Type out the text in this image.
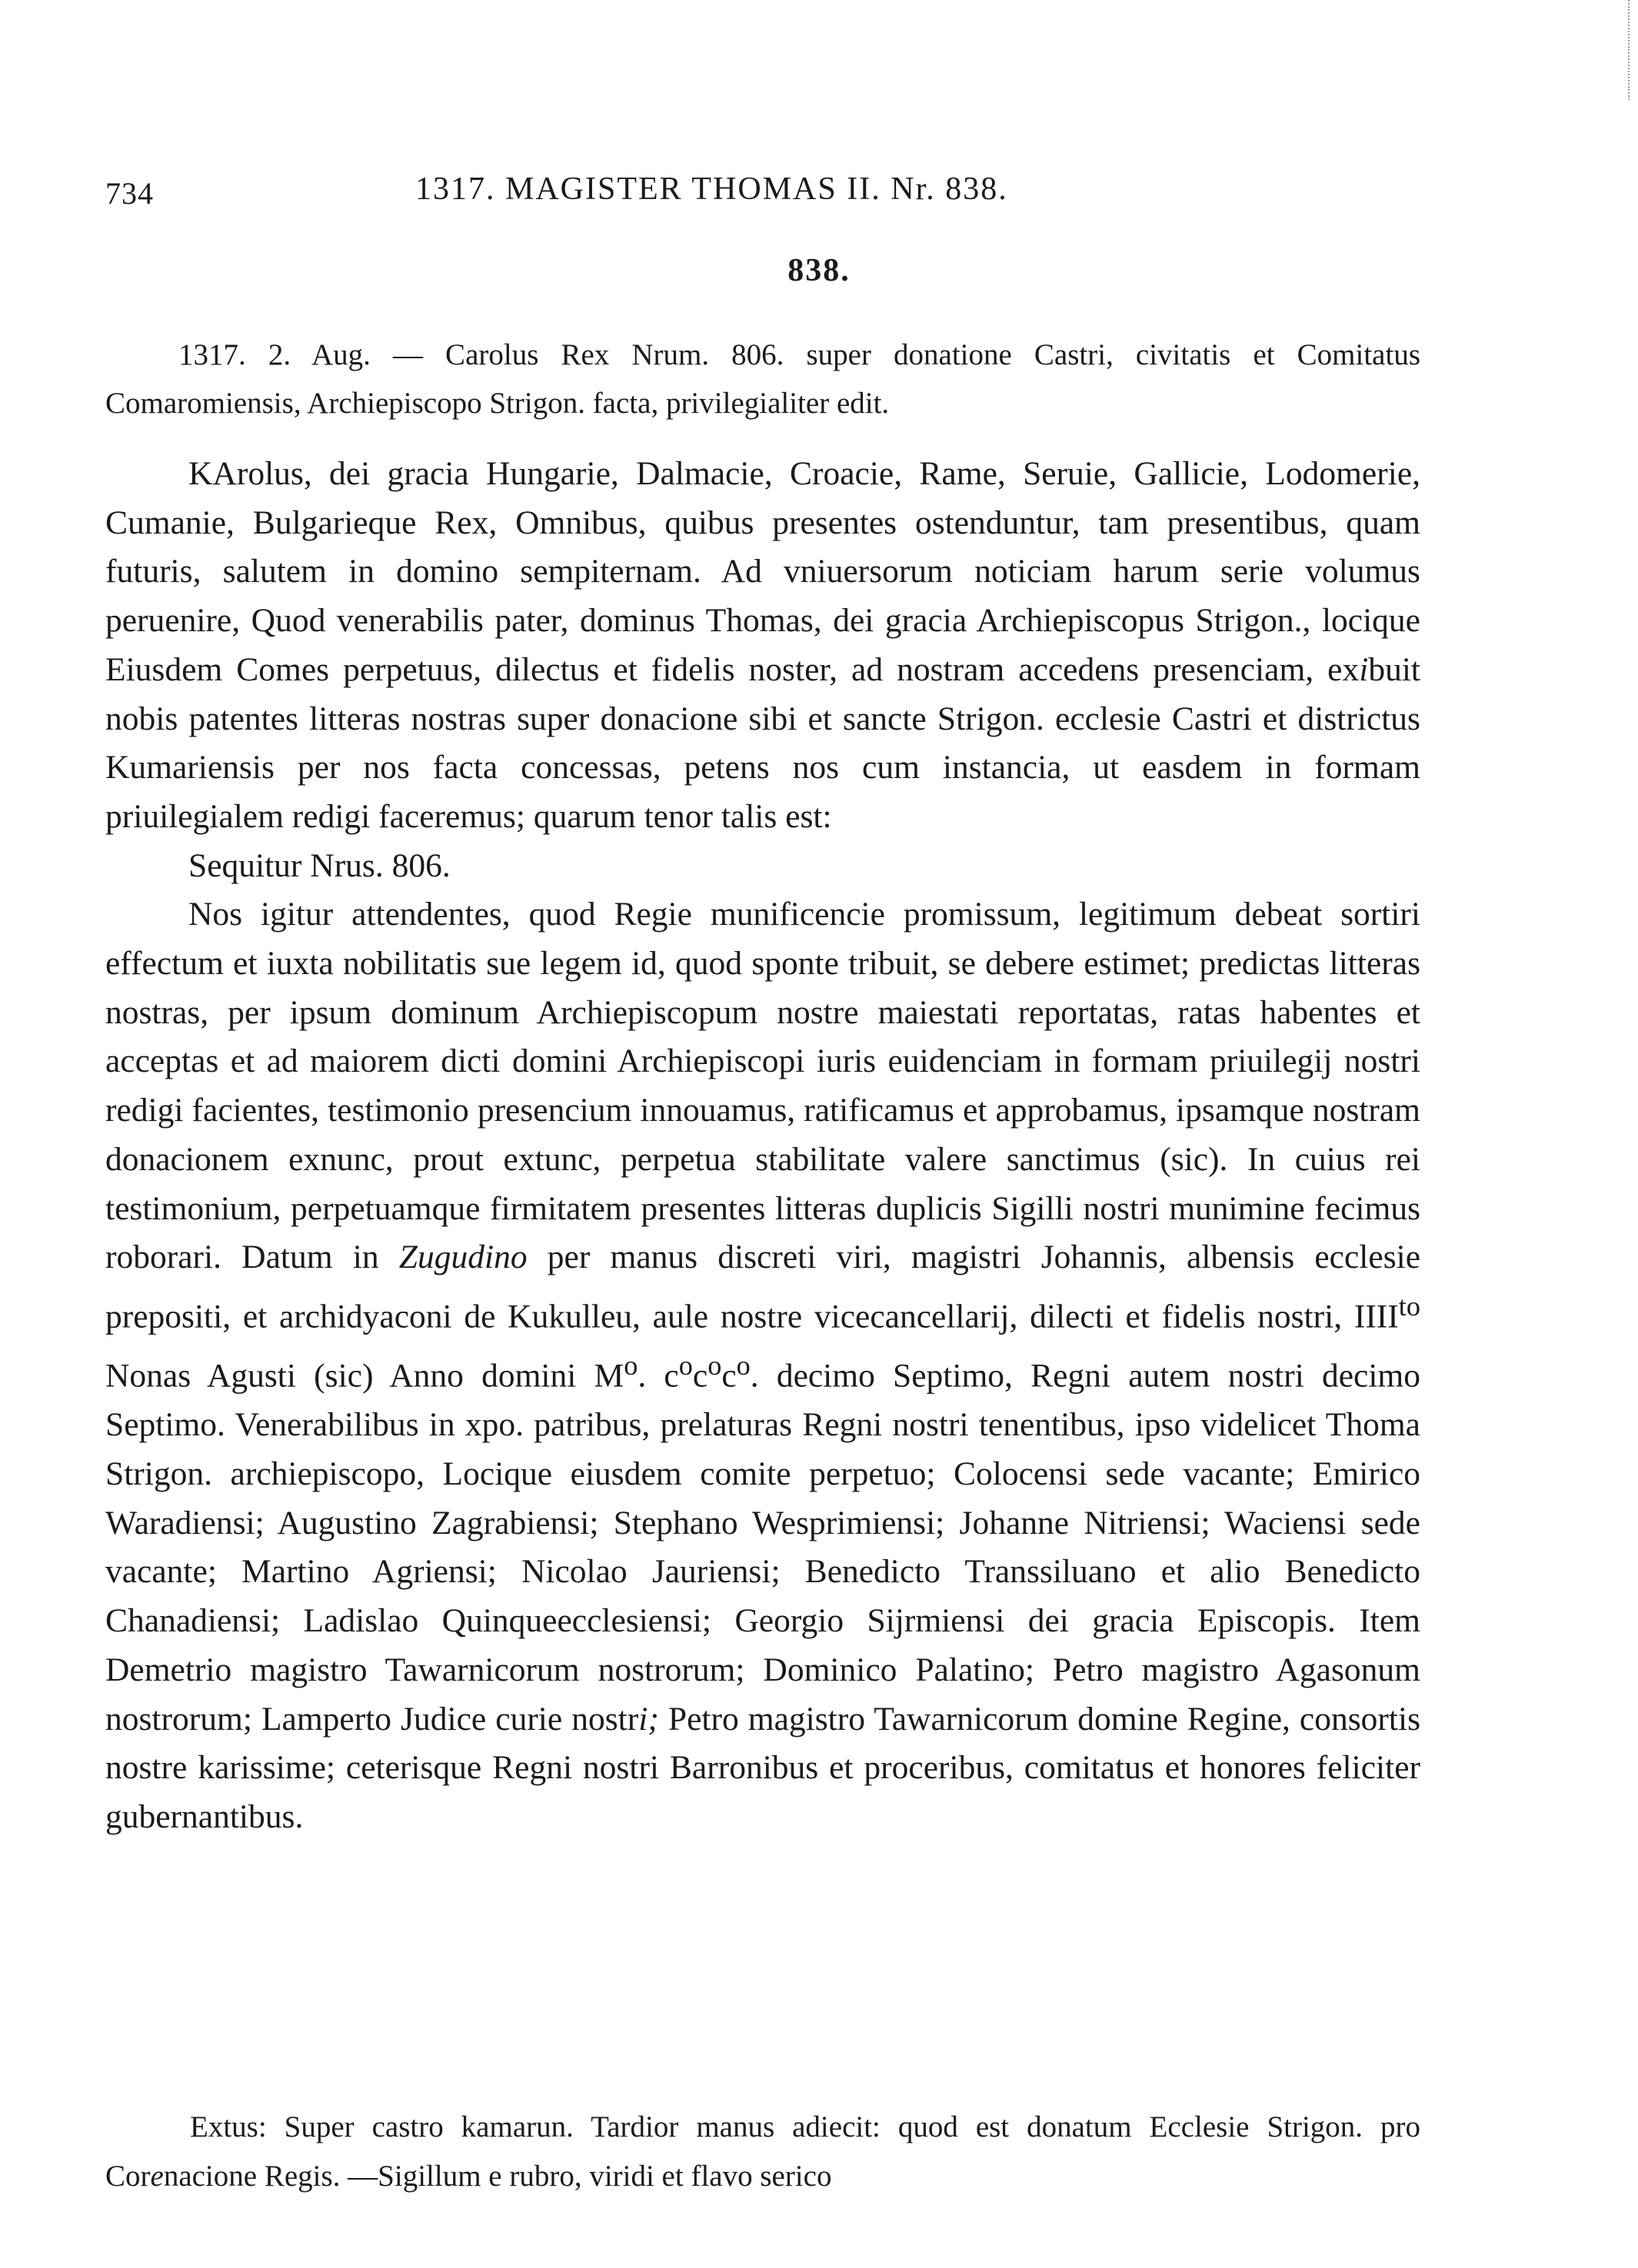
734	1317. MAGISTER THOMAS II. Nr. 838.
838.
1317. 2. Aug. — Carolus Rex Nrum. 806. super donatione Castri, civitatis et Comitatus Comaromiensis, Archiepiscopo Strigon. facta, privilegialiter edit.

KArolus, dei gracia Hungarie, Dalmacie, Croacie, Rame, Seruie, Gallicie, Lodomerie, Cumanie, Bulgarieque Rex, Omnibus, quibus presentes ostenduntur, tam presentibus, quam futuris, salutem in domino sempiternam. Ad vniuersorum noticiam harum serie volumus peruenire, Quod venerabilis pater, dominus Thomas, dei gracia Archiepiscopus Strigon., locique Eiusdem Comes perpetuus, dilectus et fidelis noster, ad nostram accedens presenciam, exibuit nobis patentes litteras nostras super donacione sibi et sancte Strigon. ecclesie Castri et districtus Kumariensis per nos facta concessas, petens nos cum instancia, ut easdem in formam priuilegialem redigi faceremus; quarum tenor talis est:

Sequitur Nrus. 806.

Nos igitur attendentes, quod Regie munificencie promissum, legitimum debeat sortiri effectum et iuxta nobilitatis sue legem id, quod sponte tribuit, se debere estimet; predictas litteras nostras, per ipsum dominum Archiepiscopum nostre maiestati reportatas, ratas habentes et acceptas et ad maiorem dicti domini Archiepiscopi iuris euidenciam in formam priuilegij nostri redigi facientes, testimonio presencium innouamus, ratificamus et approbamus, ipsamque nostram donacionem exnunc, prout extunc, perpetua stabilitate valere sanctimus (sic). In cuius rei testimonium, perpetuamque firmitatem presentes litteras duplicis Sigilli nostri munimine fecimus roborari. Datum in Zugudino per manus discreti viri, magistri Johannis, albensis ecclesie prepositi, et archidyaconi de Kukulleu, aule nostre vicecancellarij, dilecti et fidelis nostri, $IIII^{to}$ Nonas Agusti (sic) Anno domini $M^o$. $c^oc^oc^o$. decimo Septimo, Regni autem nostri decimo Septimo. Venerabilibus in xpo. patribus, prelaturas Regni nostri tenentibus, ipso videlicet Thoma Strigon. archiepiscopo, Locique eiusdem comite perpetuo; Colocensi sede vacante; Emirico Waradiensi; Augustino Zagrabiensi; Stephano Wesprimiensi; Johanne Nitriensi; Waciensi sede vacante; Martino Agriensi; Nicolao Jauriensi; Benedicto Transsiluano et alio Benedicto Chanadiensi; Ladislao Quinqueecclesiensi; Georgio Sijrmiensi dei gracia Episcopis. Item Demetrio magistro Tawarnicorum nostrorum; Dominico Palatino; Petro magistro Agasonum nostrorum; Lamperto Judice curie nostri; Petro magistro Tawarnicorum domine Regine, consortis nostre karissime; ceterisque Regni nostri Barronibus et proceribus, comitatus et honores feliciter gubernantibus.

Extus: Super castro kamarun. Tardior manus adiecit: quod est donatum Ecclesie Strigon. pro Corenacione Regis. —Sigillum e rubro, viridi et flavo serico
